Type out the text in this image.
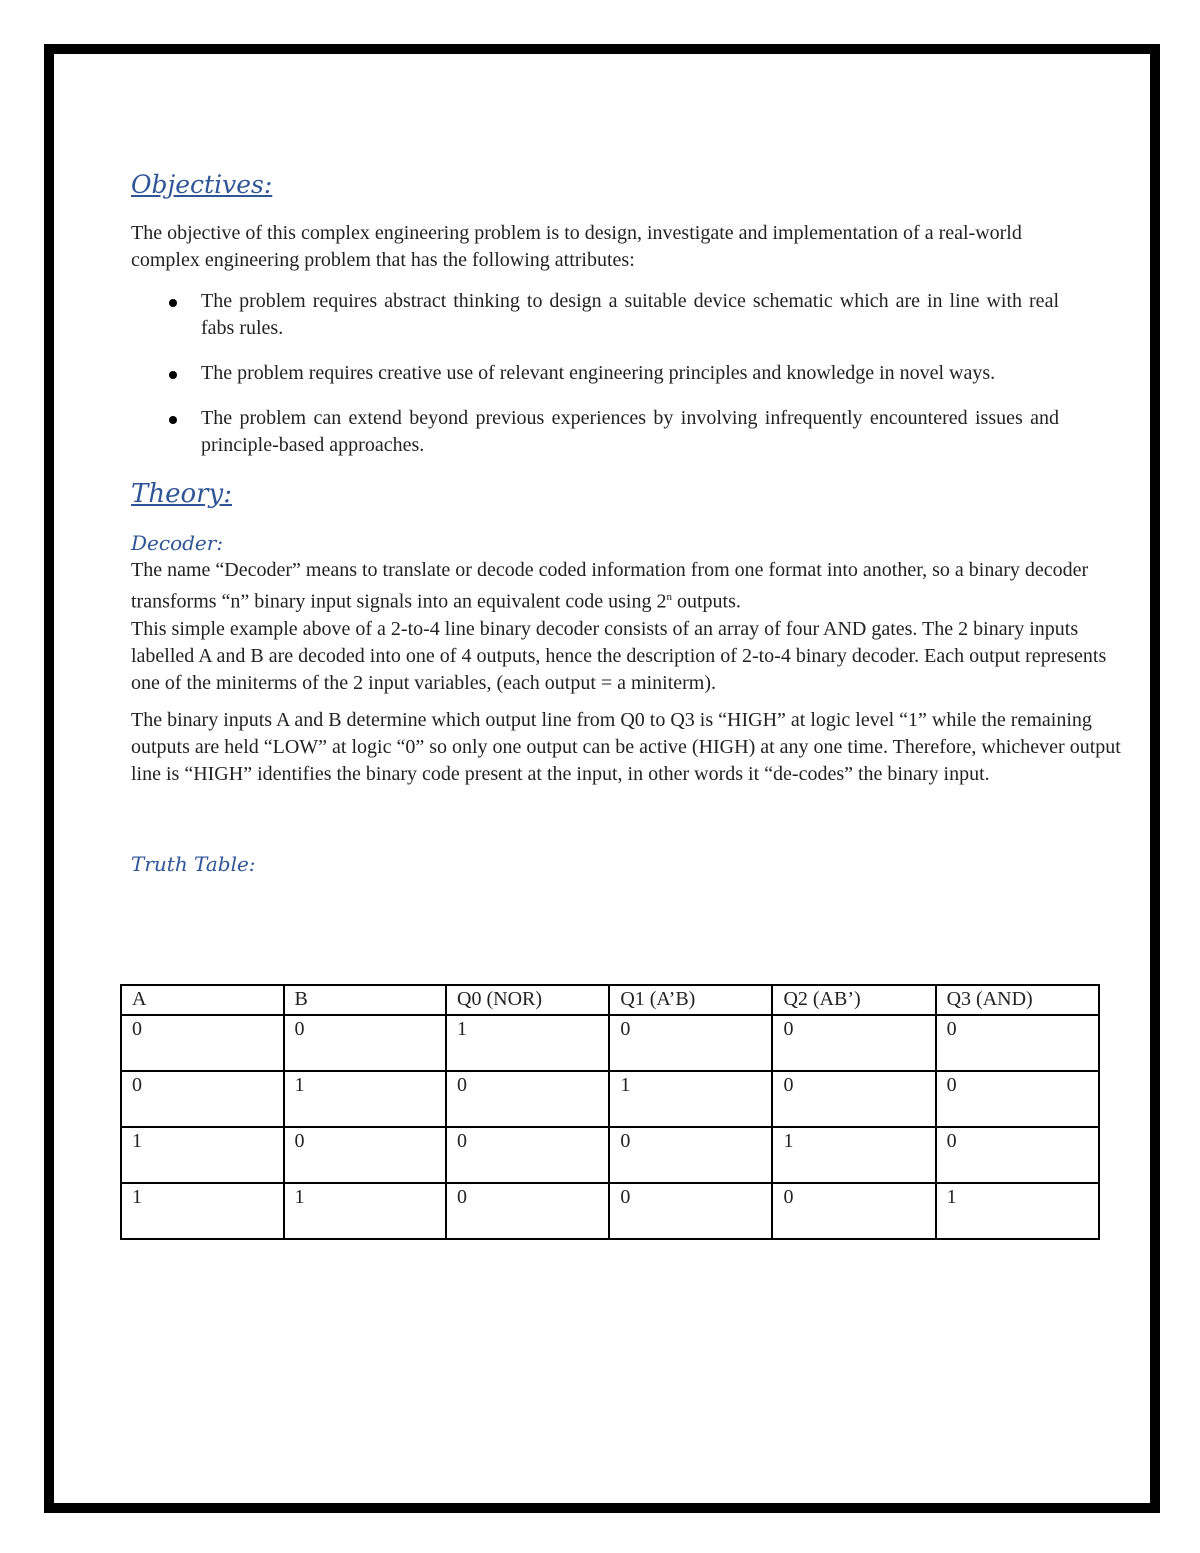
Objectives:

The objective of this complex engineering problem is to design, investigate and implementation of a real-world complex engineering problem that has the following attributes:

The problem requires abstract thinking to design a suitable device schematic which are in line with real fabs rules.
The problem requires creative use of relevant engineering principles and knowledge in novel ways.
The problem can extend beyond previous experiences by involving infrequently encountered issues and principle-based approaches.
Theory:
Decoder:

The name “Decoder” means to translate or decode coded information from one format into another, so a binary decoder transforms “n” binary input signals into an equivalent code using 2$^n$ outputs.

This simple example above of a 2-to-4 line binary decoder consists of an array of four AND gates. The 2 binary inputs labelled A and B are decoded into one of 4 outputs, hence the description of 2-to-4 binary decoder. Each output represents one of the miniterms of the 2 input variables, (each output = a miniterm).

The binary inputs A and B determine which output line from Q0 to Q3 is “HIGH” at logic level “1” while the remaining outputs are held “LOW” at logic “0” so only one output can be active (HIGH) at any one time. Therefore, whichever output line is “HIGH” identifies the binary code present at the input, in other words it “de-codes” the binary input.

Truth Table:
A	B	Q0 (NOR)	Q1 (A’B)	Q2 (AB’)	Q3 (AND)
0	0	1	0	0	0
0	1	0	1	0	0
1	0	0	0	1	0
1	1	0	0	0	1
